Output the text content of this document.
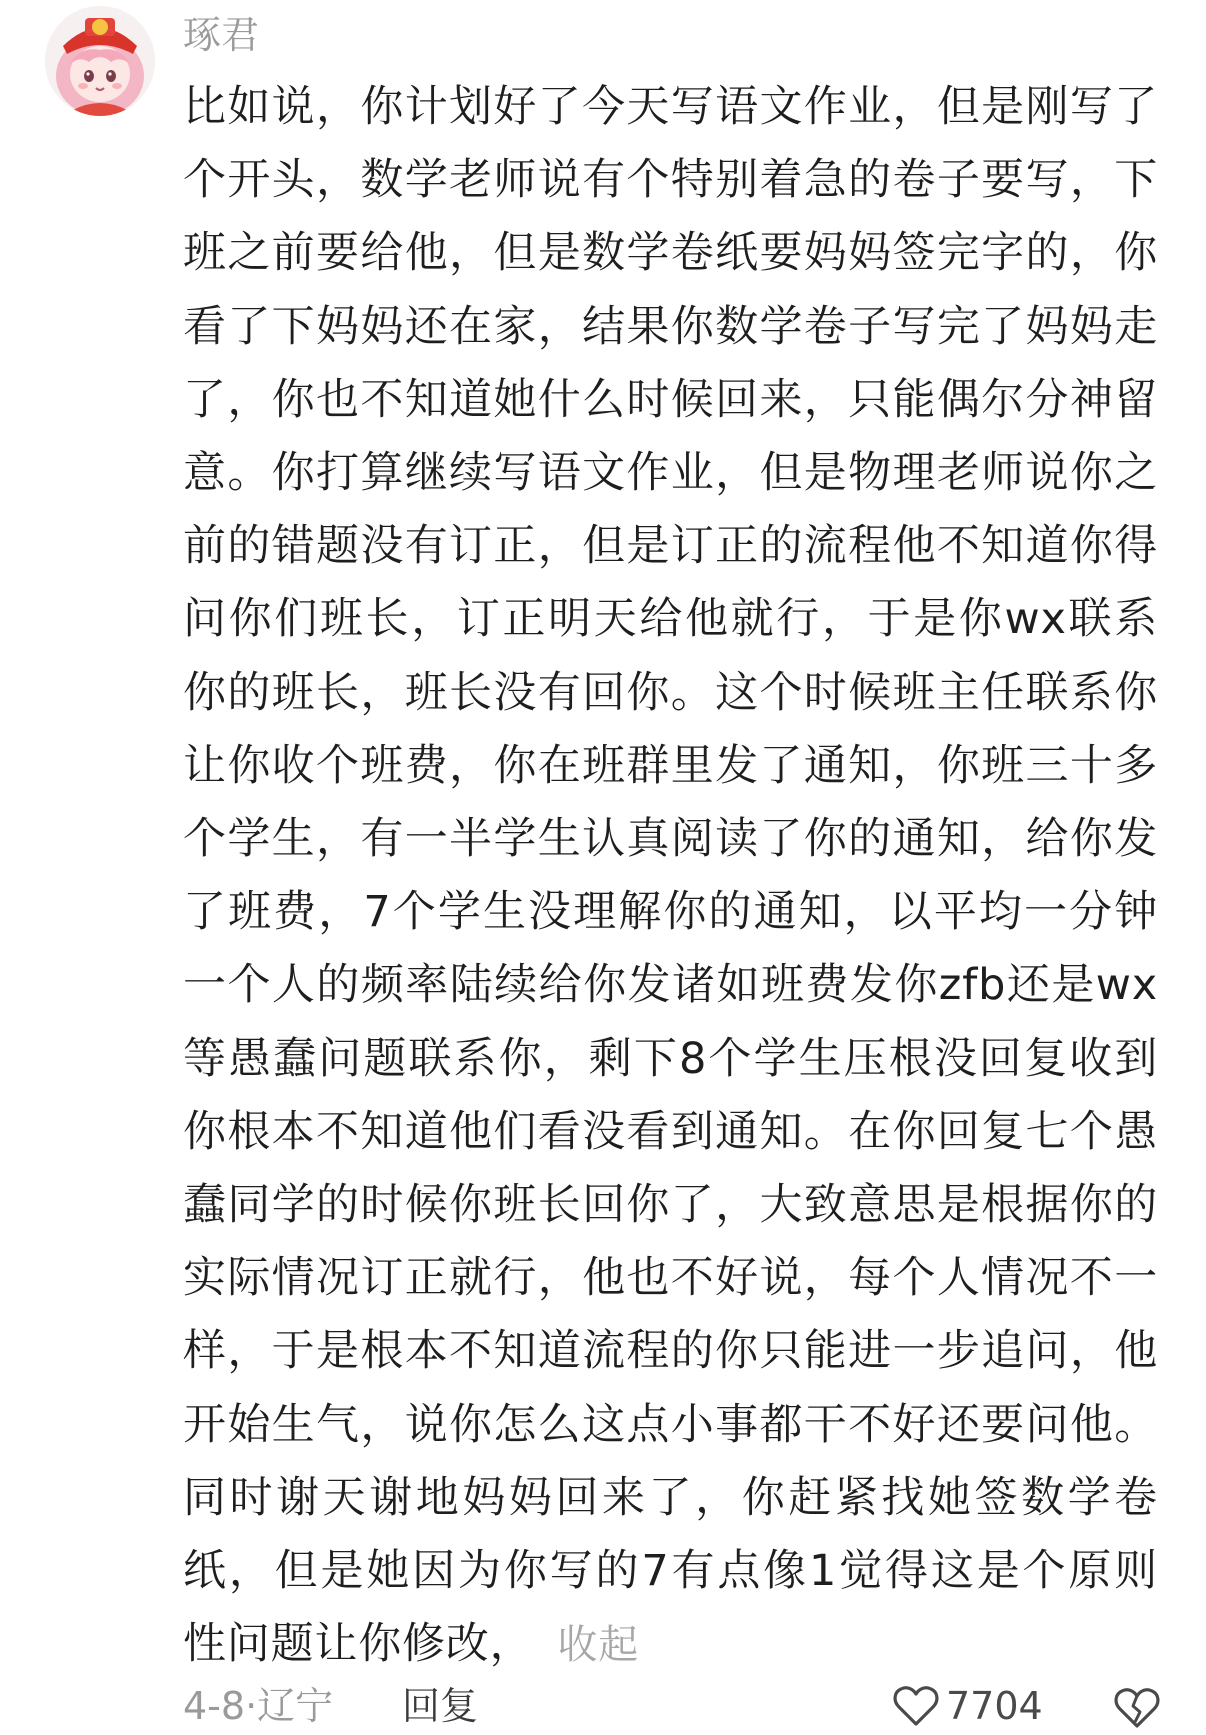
琢君
比如说，你计划好了今天写语文作业，但是刚写了个开头，数学老师说有个特别着急的卷子要写，下班之前要给他，但是数学卷纸要妈妈签完字的，你看了下妈妈还在家，结果你数学卷子写完了妈妈走了，你也不知道她什么时候回来，只能偶尔分神留意。你打算继续写语文作业，但是物理老师说你之前的错题没有订正，但是订正的流程他不知道你得问你们班长，订正明天给他就行，于是你wx联系你的班长，班长没有回你。这个时候班主任联系你让你收个班费，你在班群里发了通知，你班三十多个学生，有一半学生认真阅读了你的通知，给你发了班费，7个学生没理解你的通知，以平均一分钟一个人的频率陆续给你发诸如班费发你zfb还是wx等愚蠢问题联系你，剩下8个学生压根没回复收到你根本不知道他们看没看到通知。在你回复七个愚蠢同学的时候你班长回你了，大致意思是根据你的实际情况订正就行，他也不好说，每个人情况不一样，于是根本不知道流程的你只能进一步追问，他开始生气，说你怎么这点小事都干不好还要问他。同时谢天谢地妈妈回来了，你赶紧找她签数学卷纸，但是她因为你写的7有点像1觉得这是个原则性问题让你修改， 收起
4-8·辽宁 回复	7704
